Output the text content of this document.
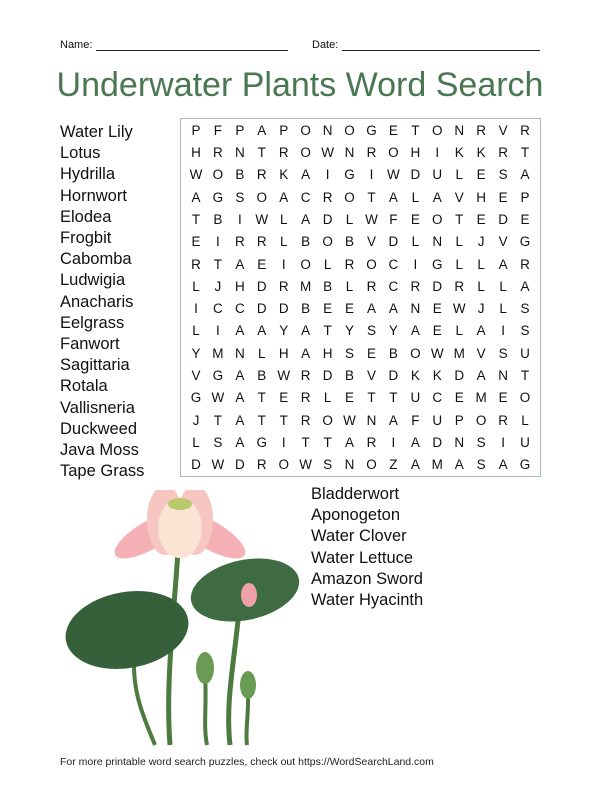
Name:	Date:
Underwater Plants Word Search
Water Lily
Lotus
Hydrilla
Hornwort
Elodea
Frogbit
Cabomba
Ludwigia
Anacharis
Eelgrass
Fanwort
Sagittaria
Rotala
Vallisneria
Duckweed
Java Moss
Tape Grass
P F P A P O N O G E T O N R V R
H R N T R O W N R O H	I	K K R T
W O B R K A	I	G	I	W D U L	E S A
A G S O A C R O T A	L	A V H E P
T B	I	W L	A D L W F E O T E D E
E	I	R R L	B O B V D L N L	J	V G
R T A E	I	O L R O C	I	G L	L	A R
L	J	H D R M B	L R C R D R L	L	A
I	C C D D B E E A A N E W J	L	S
L	I	A A Y A T Y S Y A E	L	A	I	S
Y M N L H A H S E B O W M V S U
V G A B W R D B V D K K D A N T
G W A T E R L	E T	T U C E M E O
J	T A T	T R O W N A F U P O R L
L	S A G	I	T	T A R	I	A D N S	I	U
D W D R O W S N O Z A M A S A G
Bladderwort
Aponogeton
Water Clover
Water Lettuce
Amazon Sword
Water Hyacinth
For more printable word search puzzles, check out https://WordSearchLand.com
